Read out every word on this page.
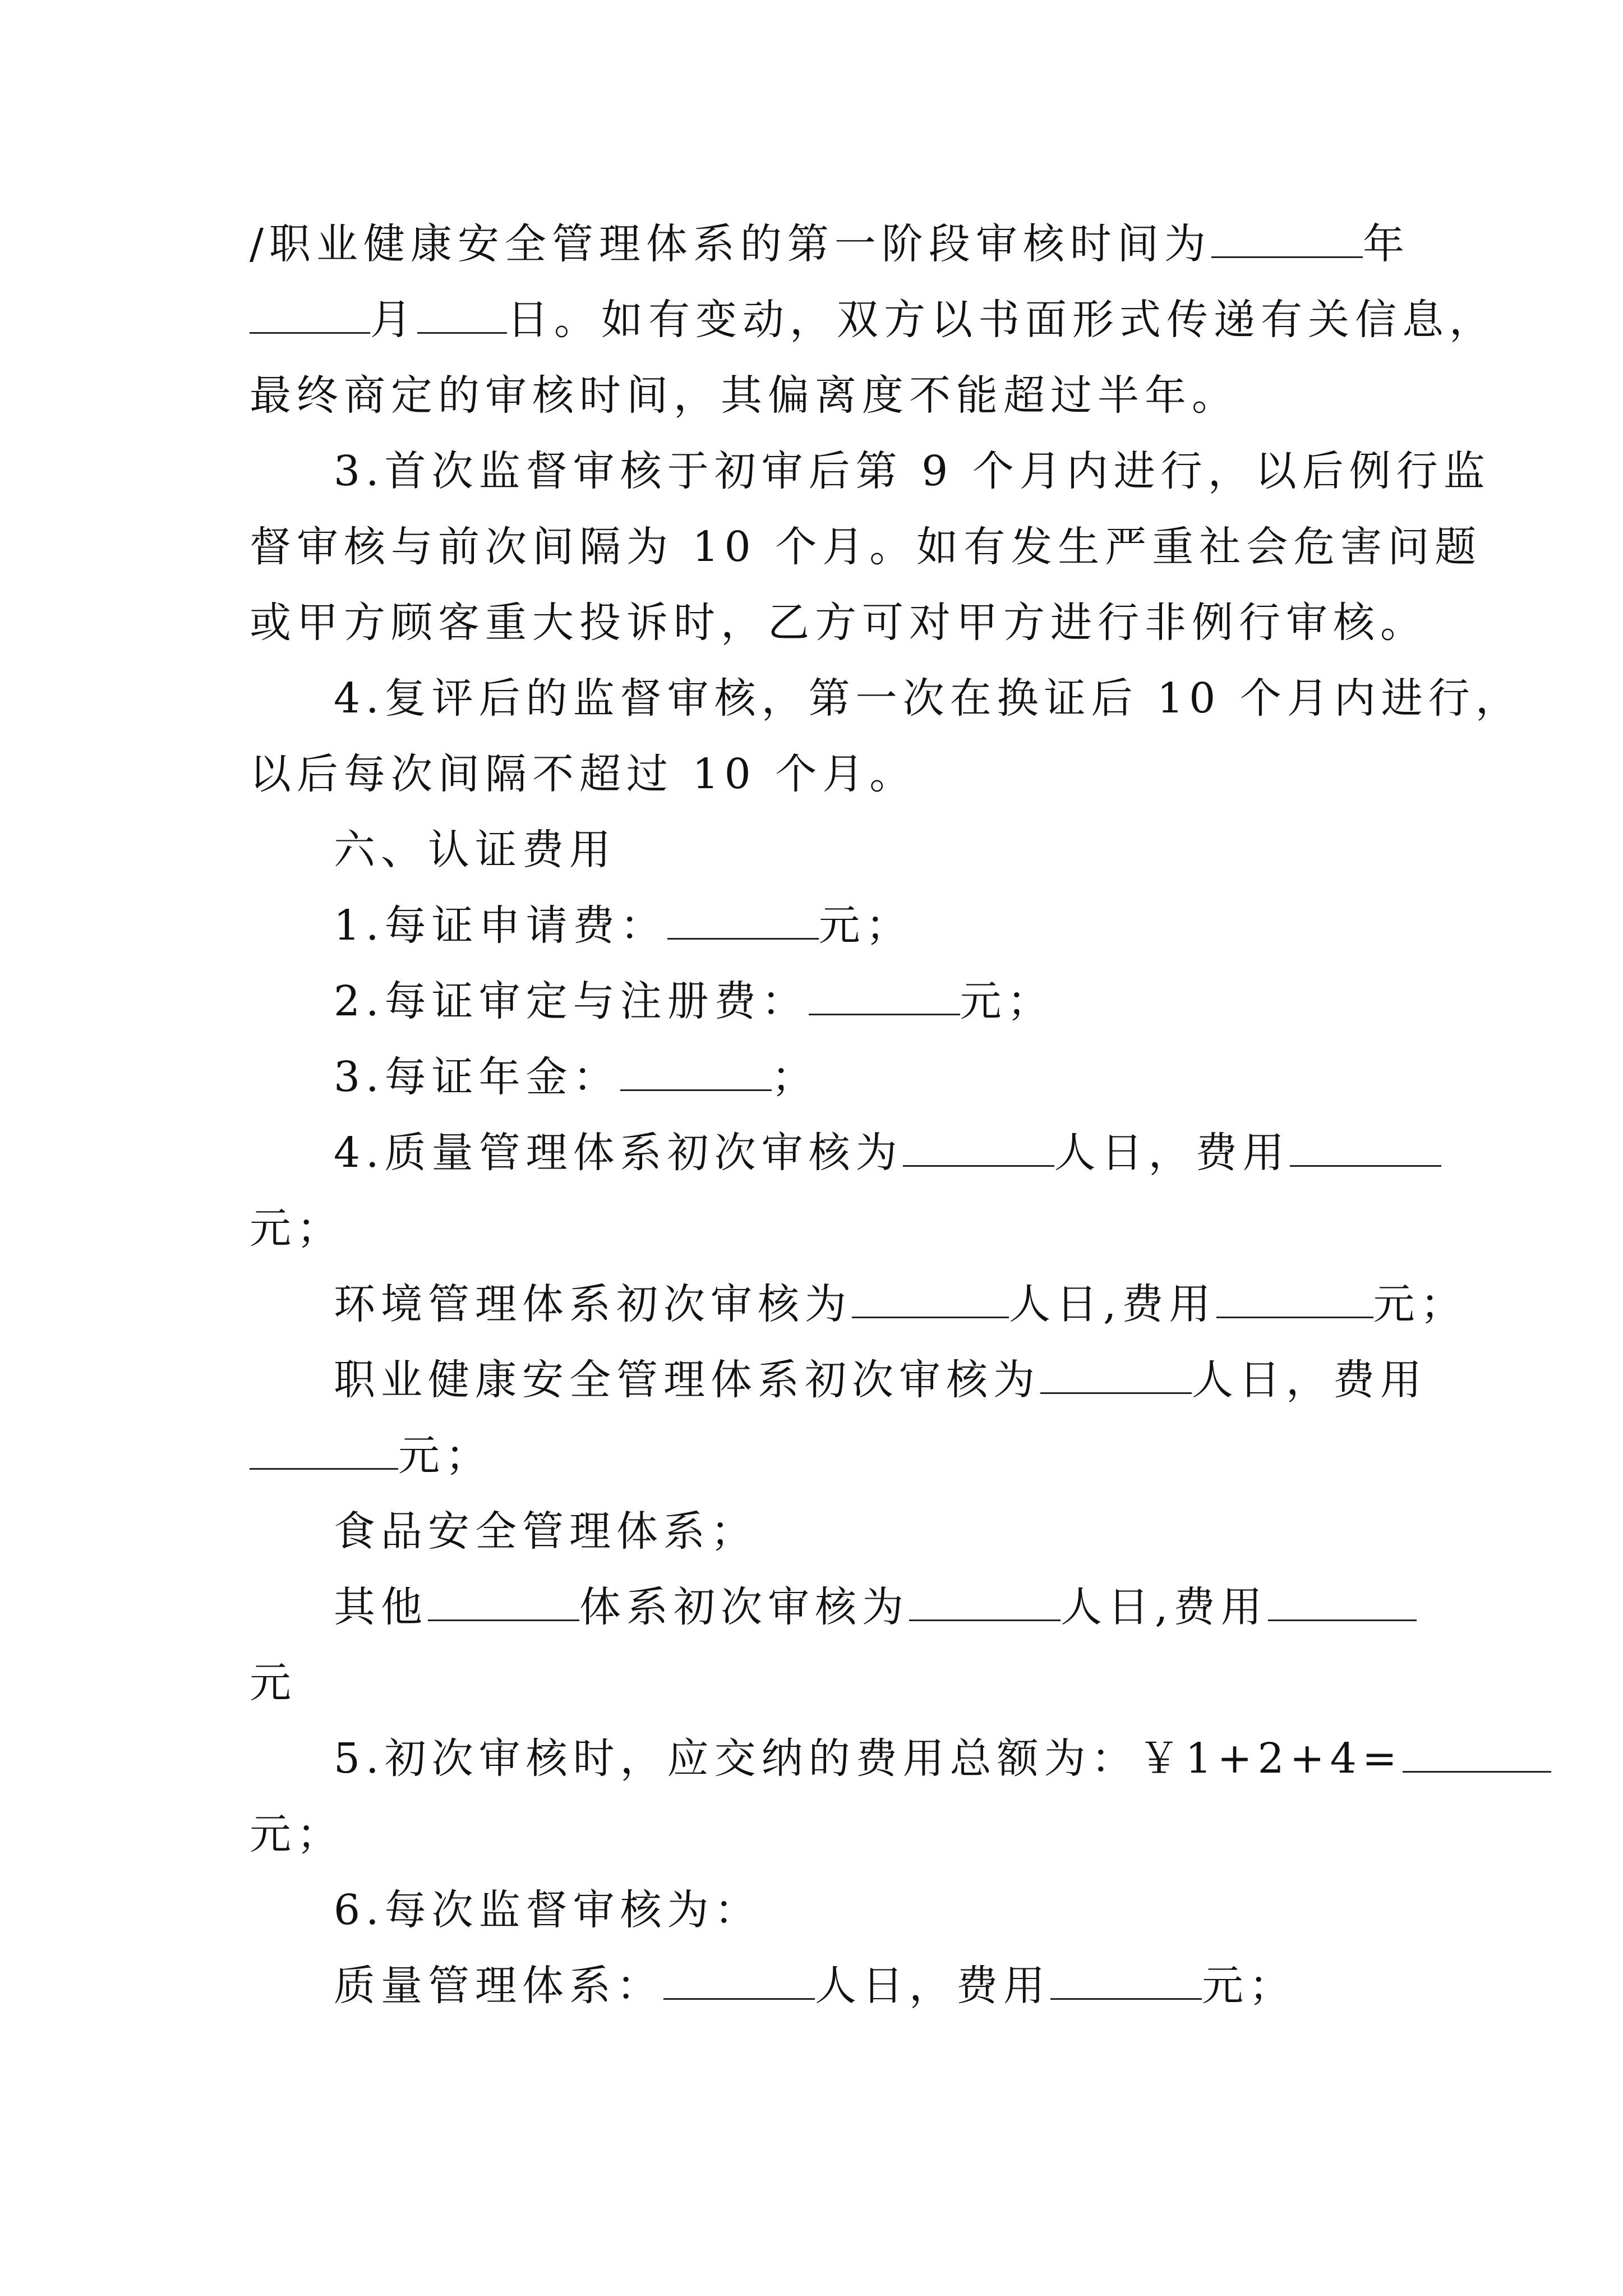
/职业健康安全管理体系的第一阶段审核时间为	年
月 日。如有变动，双方以书面形式传递有关信息，
最终商定的审核时间，其偏离度不能超过半年。
3.首次监督审核于初审后第 9 个月内进行，以后例行监
督审核与前次间隔为 10 个月。如有发生严重社会危害问题
或甲方顾客重大投诉时，乙方可对甲方进行非例行审核。
4.复评后的监督审核，第一次在换证后 10 个月内进行，
以后每次间隔不超过 10 个月。
六、认证费用
1.每证申请费：	元；
2.每证审定与注册费：	元；
3.每证年金：	；
4.质量管理体系初次审核为	人日，费用
元；
环境管理体系初次审核为	人日,费用	元；
职业健康安全管理体系初次审核为	人日，费用
元；
食品安全管理体系；
其他	体系初次审核为	人日,费用
元
5.初次审核时，应交纳的费用总额为：￥1+2+4=
元；
6.每次监督审核为：
质量管理体系：	人日，费用	元；
